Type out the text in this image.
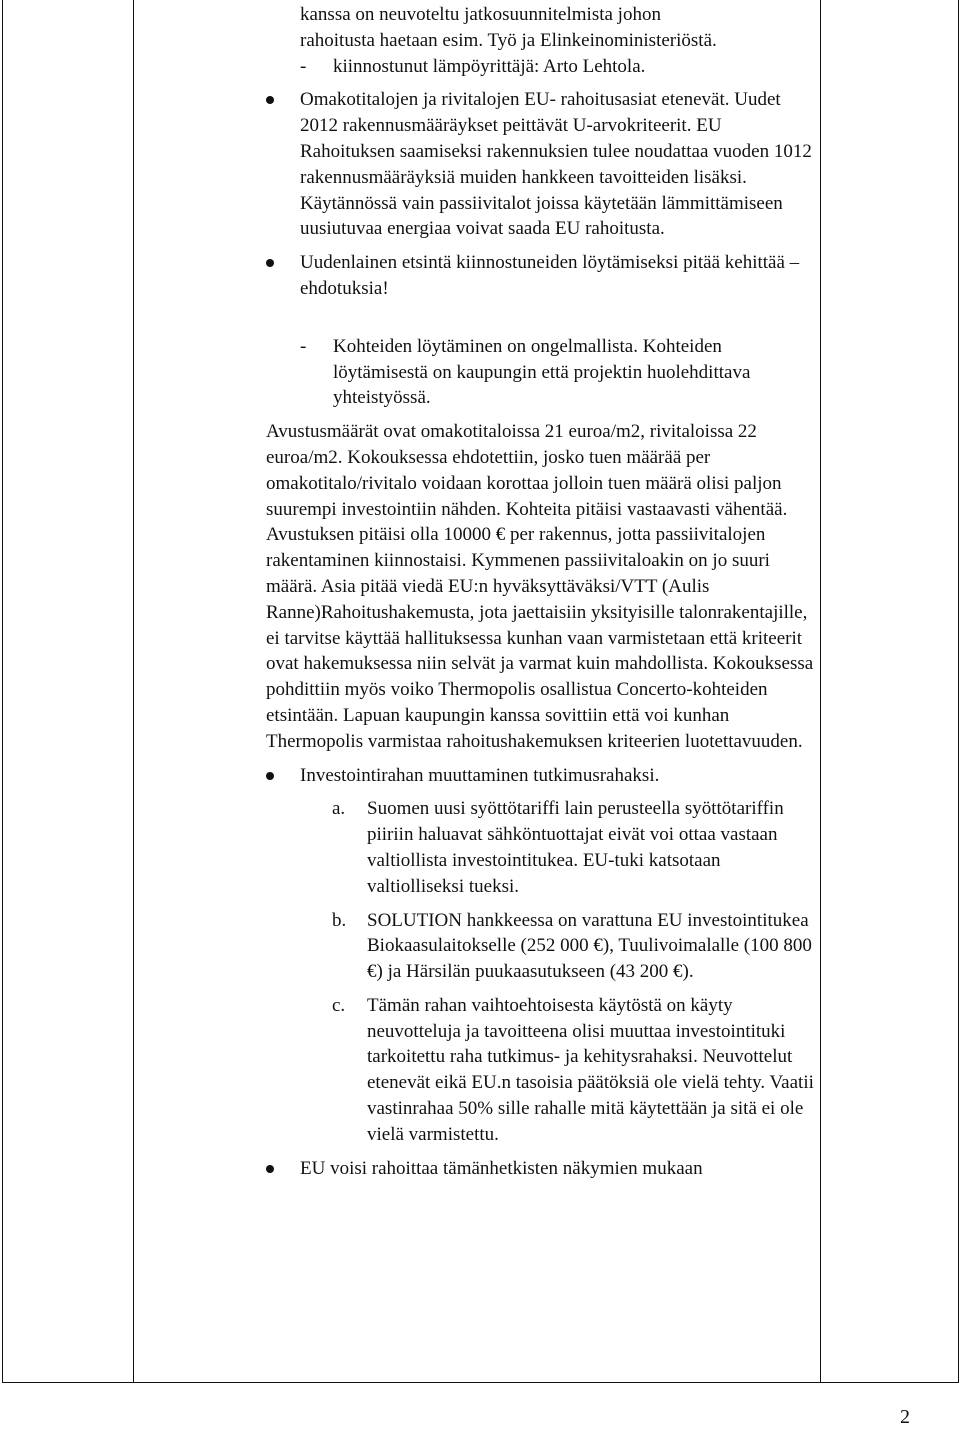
kanssa on neuvoteltu jatkosuunnitelmista johon

rahoitusta haetaan esim. Työ ja Elinkeinoministeriöstä.

- kiinnostunut lämpöyrittäjä: Arto Lehtola.

Omakotitalojen ja rivitalojen EU- rahoitusasiat etenevät. Uudet 2012 rakennusmääräykset peittävät U-arvokriteerit. EU Rahoituksen saamiseksi rakennuksien tulee noudattaa vuoden 1012 rakennusmääräyksiä muiden hankkeen tavoitteiden lisäksi. Käytännössä vain passiivitalot joissa käytetään lämmittämiseen uusiutuvaa energiaa voivat saada EU rahoitusta.

Uudenlainen etsintä kiinnostuneiden löytämiseksi pitää kehittää – ehdotuksia!

- Kohteiden löytäminen on ongelmallista. Kohteiden löytämisestä on kaupungin että projektin huolehdittava yhteistyössä.

Avustusmäärät ovat omakotitaloissa 21 euroa/m2, rivitaloissa 22 euroa/m2. Kokouksessa ehdotettiin, josko tuen määrää per omakotitalo/rivitalo voidaan korottaa jolloin tuen määrä olisi paljon suurempi investointiin nähden. Kohteita pitäisi vastaavasti vähentää. Avustuksen pitäisi olla 10000 € per rakennus, jotta passiivitalojen rakentaminen kiinnostaisi. Kymmenen passiivitaloakin on jo suuri määrä. Asia pitää viedä EU:n hyväksyttäväksi/VTT (Aulis Ranne)Rahoitushakemusta, jota jaettaisiin yksityisille talonrakentajille, ei tarvitse käyttää hallituksessa kunhan vaan varmistetaan että kriteerit ovat hakemuksessa niin selvät ja varmat kuin mahdollista. Kokouksessa pohdittiin myös voiko Thermopolis osallistua Concerto-kohteiden etsintään. Lapuan kaupungin kanssa sovittiin että voi kunhan Thermopolis varmistaa rahoitushakemuksen kriteerien luotettavuuden.

Investointirahan muuttaminen tutkimusrahaksi.

a. Suomen uusi syöttötariffi lain perusteella syöttötariffin piiriin haluavat sähköntuottajat eivät voi ottaa vastaan valtiollista investointitukea. EU-tuki katsotaan valtiolliseksi tueksi.

b. SOLUTION hankkeessa on varattuna EU investointitukea Biokaasulaitokselle (252 000 €), Tuulivoimalalle (100 800 €) ja Härsilän puukaasutukseen (43 200 €).

c. Tämän rahan vaihtoehtoisesta käytöstä on käyty neuvotteluja ja tavoitteena olisi muuttaa investointituki tarkoitettu raha tutkimus- ja kehitysrahaksi. Neuvottelut etenevät eikä EU.n tasoisia päätöksiä ole vielä tehty. Vaatii vastinrahaa 50% sille rahalle mitä käytettään ja sitä ei ole vielä varmistettu.

EU voisi rahoittaa tämänhetkisten näkymien mukaan

2
